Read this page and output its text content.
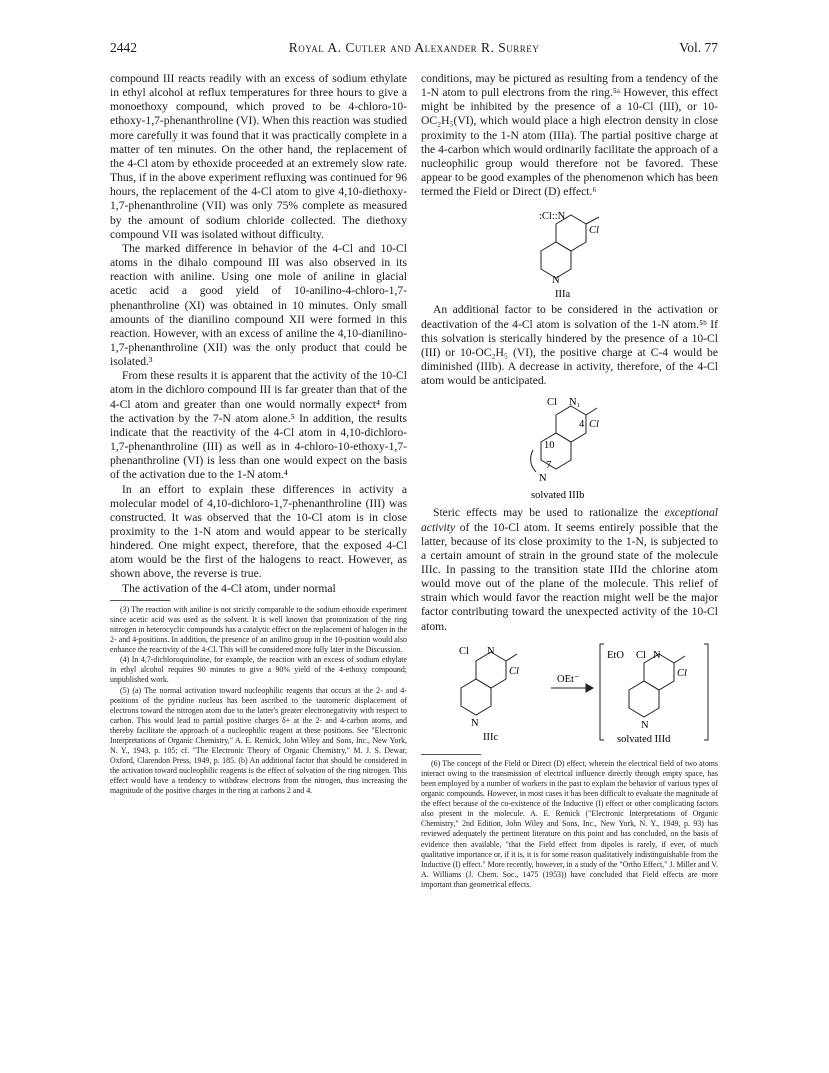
2442	Royal A. Cutler and Alexander R. Surrey	Vol. 77

compound III reacts readily with an excess of sodium ethylate in ethyl alcohol at reflux temperatures for three hours to give a monoethoxy compound, which proved to be 4-chloro-10-ethoxy-1,7-phenanthroline (VI). When this reaction was studied more carefully it was found that it was practically complete in a matter of ten minutes. On the other hand, the replacement of the 4-Cl atom by ethoxide proceeded at an extremely slow rate. Thus, if in the above experiment refluxing was continued for 96 hours, the replacement of the 4-Cl atom to give 4,10-diethoxy-1,7-phenanthroline (VII) was only 75% complete as measured by the amount of sodium chloride collected. The diethoxy compound VII was isolated without difficulty.

The marked difference in behavior of the 4-Cl and 10-Cl atoms in the dihalo compound III was also observed in its reaction with aniline. Using one mole of aniline in glacial acetic acid a good yield of 10-anilino-4-chloro-1,7-phenanthroline (XI) was obtained in 10 minutes. Only small amounts of the dianilino compound XII were formed in this reaction. However, with an excess of aniline the 4,10-dianilino-1,7-phenanthroline (XII) was the only product that could be isolated.³

From these results it is apparent that the activity of the 10-Cl atom in the dichloro compound III is far greater than that of the 4-Cl atom and greater than one would normally expect⁴ from the activation by the 7-N atom alone.⁵ In addition, the results indicate that the reactivity of the 4-Cl atom in 4,10-dichloro-1,7-phenanthroline (III) as well as in 4-chloro-10-ethoxy-1,7-phenanthroline (VI) is less than one would expect on the basis of the activation due to the 1-N atom.⁴

In an effort to explain these differences in activity a molecular model of 4,10-dichloro-1,7-phenanthroline (III) was constructed. It was observed that the 10-Cl atom is in close proximity to the 1-N atom and would appear to be sterically hindered. One might expect, therefore, that the exposed 4-Cl atom would be the first of the halogens to react. However, as shown above, the reverse is true.

The activation of the 4-Cl atom, under normal

(3) The reaction with aniline is not strictly comparable to the sodium ethoxide experiment since acetic acid was used as the solvent. It is well known that protonization of the ring nitrogen in heterocyclic compounds has a catalytic effect on the replacement of halogen in the 2- and 4-positions. In addition, the presence of an anilino group in the 10-position would also enhance the reactivity of the 4-Cl. This will be considered more fully later in the Discussion.

(4) In 4,7-dichloroquinoline, for example, the reaction with an excess of sodium ethylate in ethyl alcohol requires 90 minutes to give a 90% yield of the 4-ethoxy compound; unpublished work.

(5) (a) The normal activation toward nucleophilic reagents that occurs at the 2- and 4-positions of the pyridine nucleus has been ascribed to the tautomeric displacement of electrons toward the nitrogen atom due to the latter's greater electronegativity with respect to carbon. This would lead to partial positive charges δ+ at the 2- and 4-carbon atoms, and thereby facilitate the approach of a nucleophilic reagent at these positions. See "Electronic Interpretations of Organic Chemistry," A. E. Remick, John Wiley and Sons, Inc., New York, N. Y., 1943, p. 105; cf. "The Electronic Theory of Organic Chemistry," M. J. S. Dewar, Oxford, Clarendon Press, 1949, p. 185. (b) An additional factor that should be considered in the activation toward nucleophilic reagents is the effect of solvation of the ring nitrogen. This effect would have a tendency to withdraw electrons from the nitrogen, thus increasing the magnitude of the positive charges in the ring at carbons 2 and 4.

conditions, may be pictured as resulting from a tendency of the 1-N atom to pull electrons from the ring.⁵ᵃ However, this effect might be inhibited by the presence of a 10-Cl (III), or 10-OC₂H₅(VI), which would place a high electron density in close proximity to the 1-N atom (IIIa). The partial positive charge at the 4-carbon which would ordinarily facilitate the approach of a nucleophilic group would therefore not be favored. These appear to be good examples of the phenomenon which has been termed the Field or Direct (D) effect.⁶

:Cl::N
Cl
N
IIIa

An additional factor to be considered in the activation or deactivation of the 4-Cl atom is solvation of the 1-N atom.⁵ᵇ If this solvation is sterically hindered by the presence of a 10-Cl (III) or 10-OC₂H₅ (VI), the positive charge at C-4 would be diminished (IIIb). A decrease in activity, therefore, of the 4-Cl atom would be anticipated.

Cl N₁
4 Cl
10
7
N
solvated IIIb

Steric effects may be used to rationalize the exceptional activity of the 10-Cl atom. It seems entirely possible that the latter, because of its close proximity to the 1-N, is subjected to a certain amount of strain in the ground state of the molecule IIIc. In passing to the transition state IIId the chlorine atom would move out of the plane of the molecule. This relief of strain which would favor the reaction might well be the major factor contributing toward the unexpected activity of the 10-Cl atom.

Cl N
Cl
N
IIIc
OEt⁻
EtO Cl N
Cl
N
solvated IIId

(6) The concept of the Field or Direct (D) effect, wherein the electrical field of two atoms interact owing to the transmission of electrical influence directly through empty space, has been employed by a number of workers in the past to explain the behavior of various types of organic compounds. However, in most cases it has been difficult to evaluate the magnitude of the effect because of the co-existence of the Inductive (I) effect or other complicating factors also present in the molecule. A. E. Remick ("Electronic Interpretations of Organic Chemistry," 2nd Edition, John Wiley and Sons, Inc., New York, N. Y., 1949, p. 93) has reviewed adequately the pertinent literature on this point and has concluded, on the basis of evidence then available, "that the Field effect from dipoles is rarely, if ever, of much qualitative importance or, if it is, it is for some reason qualitatively indistinguishable from the Inductive (I) effect." More recently, however, in a study of the "Ortho Effect," J. Miller and V. A. Williams (J. Chem. Soc., 1475 (1953)) have concluded that Field effects are more important than geometrical effects.
